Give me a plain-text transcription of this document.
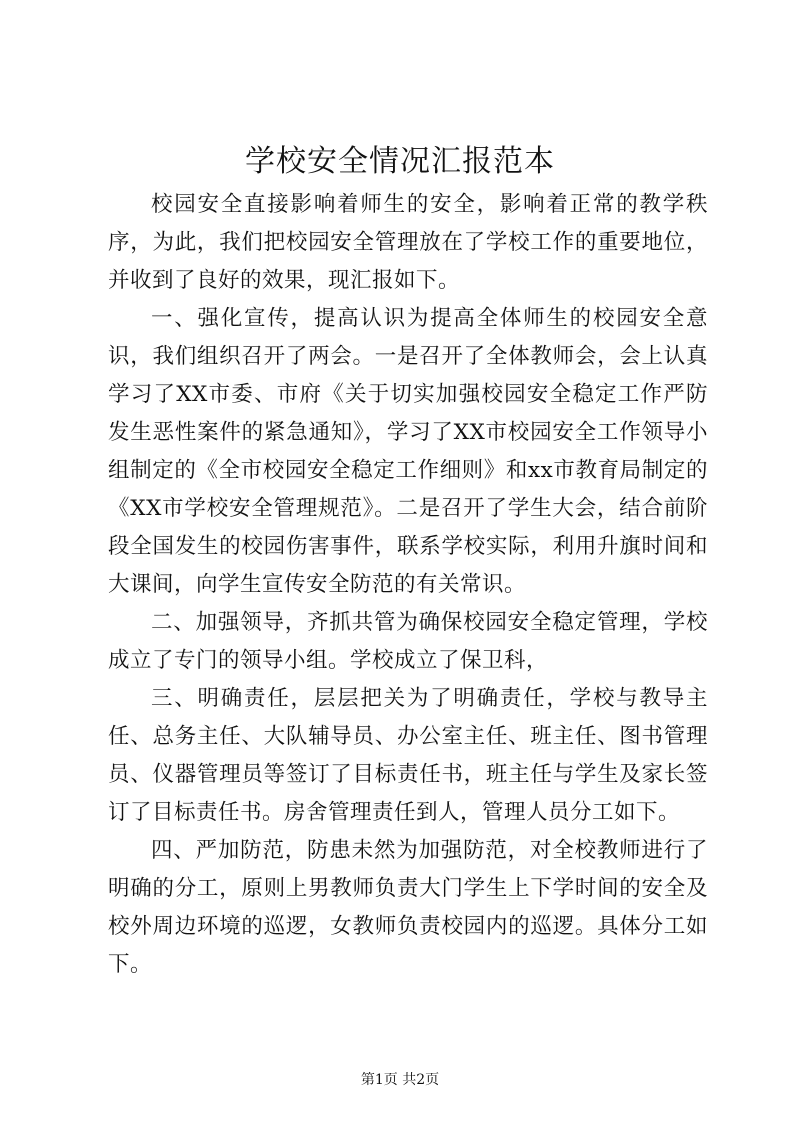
学校安全情况汇报范本

校园安全直接影响着师生的安全，影响着正常的教学秩序，为此，我们把校园安全管理放在了学校工作的重要地位，并收到了良好的效果，现汇报如下。

一、强化宣传，提高认识为提高全体师生的校园安全意识，我们组织召开了两会。一是召开了全体教师会，会上认真学习了XX市委、市府《关于切实加强校园安全稳定工作严防发生恶性案件的紧急通知》，学习了XX市校园安全工作领导小组制定的《全市校园安全稳定工作细则》和xx市教育局制定的《XX市学校安全管理规范》。二是召开了学生大会，结合前阶段全国发生的校园伤害事件，联系学校实际，利用升旗时间和大课间，向学生宣传安全防范的有关常识。

二、加强领导，齐抓共管为确保校园安全稳定管理，学校成立了专门的领导小组。学校成立了保卫科，

三、明确责任，层层把关为了明确责任，学校与教导主任、总务主任、大队辅导员、办公室主任、班主任、图书管理员、仪器管理员等签订了目标责任书，班主任与学生及家长签订了目标责任书。房舍管理责任到人，管理人员分工如下。

四、严加防范，防患未然为加强防范，对全校教师进行了明确的分工，原则上男教师负责大门学生上下学时间的安全及校外周边环境的巡逻，女教师负责校园内的巡逻。具体分工如下。

第1页 共2页
